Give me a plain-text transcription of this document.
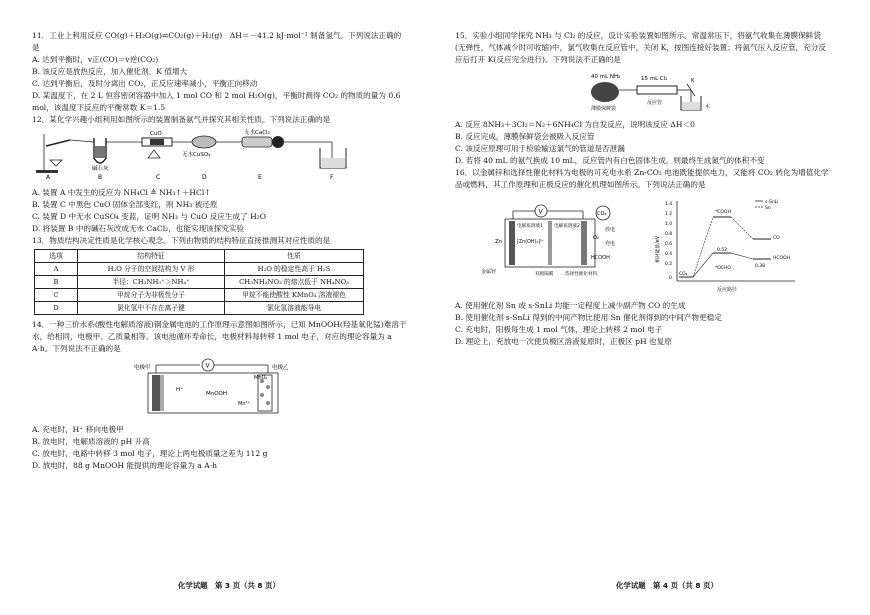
11．工业上利用反应 CO(g)＋H₂O(g)⇌CO₂(g)＋H₂(g)　ΔH＝－41.2 kJ·mol⁻¹ 制备氢气。下列说法正确的是
A. 达到平衡时，v正(CO)＝v逆(CO₂)
B. 该反应是放热反应，加入催化剂，K 值增大
C. 达到平衡后，及时分离出 CO₂，正反应速率减小，平衡正向移动
D. 某温度下，在 2 L 恒容密闭容器中加入 1 mol CO 和 2 mol H₂O(g)，平衡时测得 CO₂ 的物质的量为 0.6 mol，该温度下反应的平衡常数 K＝1.5
12．某化学兴趣小组利用如图所示的装置制备氨气并探究其相关性质。下列说法正确的是
碱石灰
CuO
无水CuSO₄
无水CaCl₂
A	B	C	D	E	F
A. 装置 A 中发生的反应为 NH₄Cl ≜ NH₃↑＋HCl↑
B. 装置 C 中黑色 CuO 固体全部变红，则 NH₃ 被还原
C. 装置 D 中无水 CuSO₄ 变蓝，证明 NH₃ 与 CuO 反应生成了 H₂O
D. 将装置 B 中的碱石灰改成无水 CaCl₂，也能实现该探究实验
13．物质结构决定性质是化学核心观念。下列由物质的结构特征直接推测其对应性质的是
选项	结构特征	性质
A	H₂O 分子的空间结构为 V 形	H₂O 的稳定性高于 H₂S
B	半径：CH₃NH₃⁺＞NH₄⁺	CH₃NH₃NO₃ 的熔点低于 NH₄NO₃
C	甲烷分子为非极性分子	甲烷不能使酸性 KMnO₄ 溶液褪色
D	氯化氢中不存在离子键	氯化氢溶液能导电
14．一种三价水系(酸性电解质溶液)铜金属电池的工作原理示意图如图所示，已知 MnOOH(羟基氧化锰)难溶于水，给相同，电极甲、乙质量相等。该电池循环寿命长，电极材料每转移 1 mol 电子，对应的理论容量为 a A·h。下列说法不正确的是
V
电极甲	电极乙
H⁺
MnOOH
MnO₂
Mn²⁺
A. 充电时，H⁺ 移向电极甲
B. 放电时，电解质溶液的 pH 升高
C. 放电时，电路中转移 3 mol 电子，理论上两电极质量之差为 112 g
D. 放电时，88 g MnOOH 能提供的理论容量为 a A·h
15．实验小组同学探究 NH₃ 与 Cl₂ 的反应，设计实验装置如图所示。常温常压下，将氨气收集在薄膜保鲜袋(无弹性，气体减少时可收缩)中，氯气收集在反应管中，关闭 K，按图连接好装置；将氨气压入反应管，充分反应后打开 K(反应完全进行)。下列说法不正确的是
40 mL NH₃	15 mL Cl₂	K
薄膜保鲜袋
反应管
水
A. 反应 8NH₃＋3Cl₂＝N₂＋6NH₄Cl 为自发反应，说明该反应 ΔH＜0
B. 反应完成，薄膜保鲜袋会被吸入反应管
C. 该反应原理可用于检验输送氯气的管道是否泄漏
D. 若将 40 mL 的氨气换成 10 mL，反应管内有白色固体生成，则最终生成氮气的体积不变
16．以金属锌和选择性催化材料为电极的可充电水系 Zn-CO₂ 电池既能提供电力，又能将 CO₂ 转化为增值化学品或燃料，其工作原理和正极反应的催化机理如图所示。下列说法正确的是
V	CO₂
Zn
金属锌
电解质溶液1 电解质溶液2
[Zn(OH)₄]²⁻
双极隔膜	选择性催化材料
放电
充电
O₂
HCOOH	相对能量/eV
反应路径
1.4
1.2
1.0
0.8
0.6
0.4
0.2
0
s-SnLi
Sn
*COOH
CO
HCOOH
*OCHO
CO₂
0.52
0.38
A. 使用催化剂 Sn 或 s-SnLi 均能一定程度上减少副产物 CO 的生成
B. 使用催化剂 s-SnLi 得到的中间产物比使用 Sn 催化剂得到的中间产物更稳定
C. 充电时，阳极每生成 1 mol 气体，理论上转移 2 mol 电子
D. 理论上，充放电一次使负极区溶液复原时，正极区 pH 也复原
化学试题　第 3 页（共 8 页）	化学试题　第 4 页（共 8 页）
